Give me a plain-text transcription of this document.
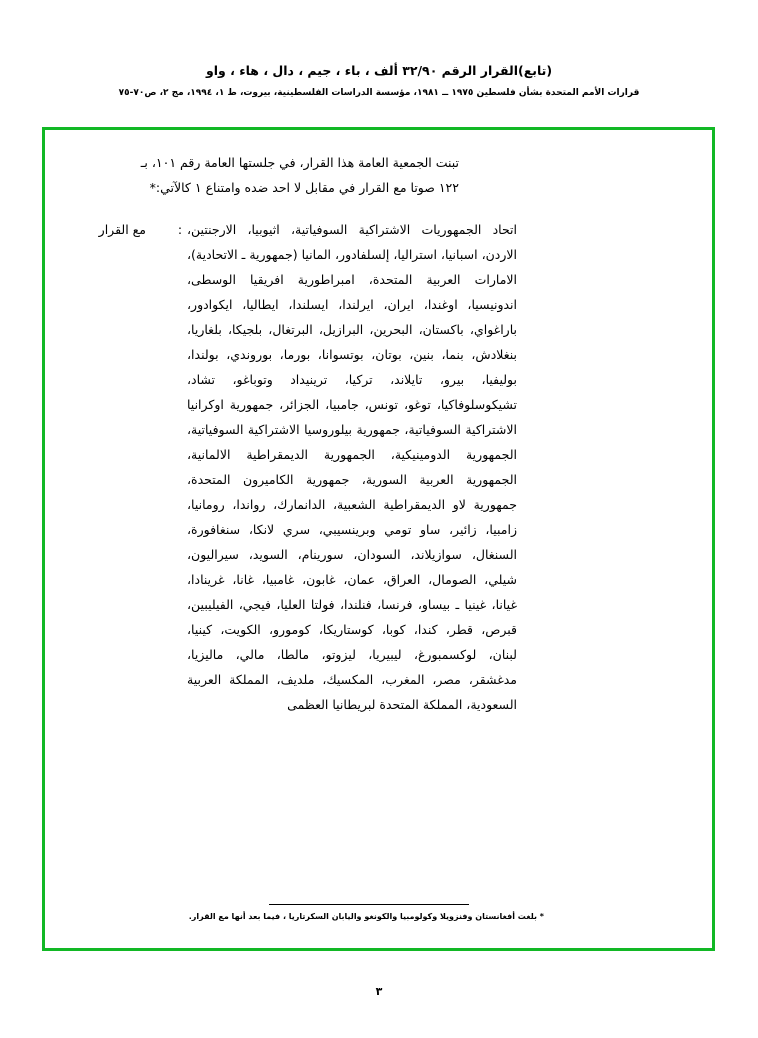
(تابع)القرار الرقم ٣٢/٩٠ ألف ، باء ، جيم ، دال ، هاء ، واو
قرارات الأمم المتحدة بشأن فلسطين ١٩٧٥ ــ ١٩٨١، مؤسسة الدراسات الفلسطينية، بيروت، ط ١، ١٩٩٤، مج ٢، ص٧٠-٧٥

تبنت الجمعية العامة هذا القرار، في جلستها العامة رقم ١٠١، بـ ١٢٢ صوتا مع القرار في مقابل لا احد ضده وامتناع ١ كالآتي:*

مع القرار	: اتحاد الجمهوريات الاشتراكية السوفياتية، اثيوبيا، الارجنتين، الاردن، اسبانيا، استراليا، إلسلفادور، المانيا (جمهورية ـ الاتحادية)، الامارات العربية المتحدة، امبراطورية افريقيا الوسطى، اندونيسيا، اوغندا، ايران، ايرلندا، ايسلندا، ايطاليا، ايكوادور، باراغواي، باكستان، البحرين، البرازيل، البرتغال، بلجيكا، بلغاريا، بنغلادش، بنما، بنين، بوتان، بوتسوانا، بورما، بوروندي، بولندا، بوليفيا، بيرو، تايلاند، تركيا، ترينيداد وتوباغو، تشاد، تشيكوسلوفاكيا، توغو، تونس، جامبيا، الجزائر، جمهورية اوكرانيا الاشتراكية السوفياتية، جمهورية بيلوروسيا الاشتراكية السوفياتية، الجمهورية الدومينيكية، الجمهورية الديمقراطية الالمانية، الجمهورية العربية السورية، جمهورية الكاميرون المتحدة، جمهورية لاو الديمقراطية الشعبية، الدانمارك، رواندا، رومانيا، زامبيا، زائير، ساو تومي وبرينسيبي، سري لانكا، سنغافورة، السنغال، سوازيلاند، السودان، سورينام، السويد، سيراليون، شيلي، الصومال، العراق، عمان، غابون، غامبيا، غانا، غرينادا، غيانا، غينيا ـ بيساو، فرنسا، فنلندا، فولتا العليا، فيجي، الفيليبين، قبرص، قطر، كندا، كوبا، كوستاريكا، كومورو، الكويت، كينيا، لبنان، لوكسمبورغ، ليبيريا، ليزوتو، مالطا، مالي، ماليزيا، مدغشقر، مصر، المغرب، المكسيك، ملديف، المملكة العربية السعودية، المملكة المتحدة لبريطانيا العظمى
* بلغت أفغانستان وفنزويلا وكولومبيا والكونغو واليابان السكرتاريا ، فيما بعد أنها مع القرار.
٣
